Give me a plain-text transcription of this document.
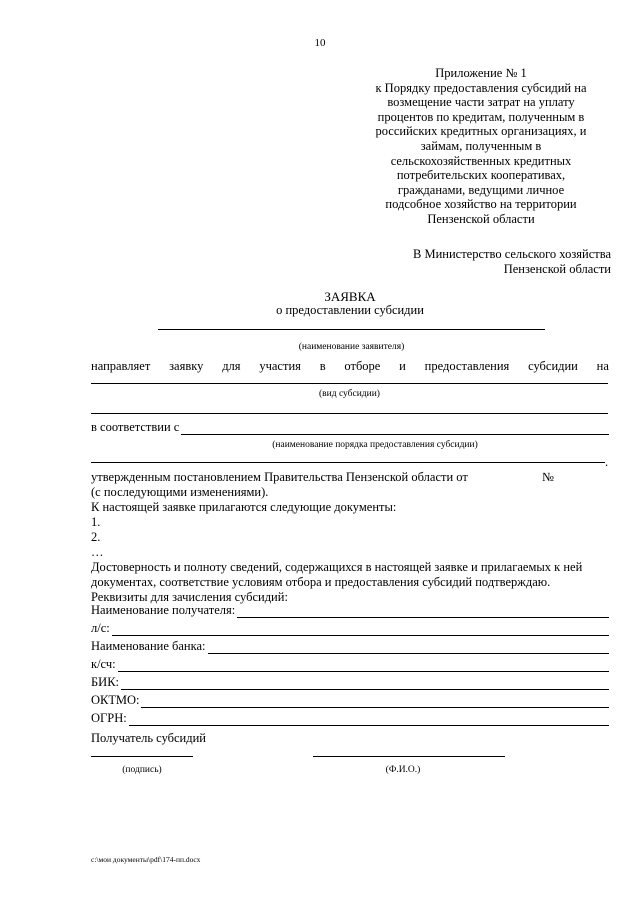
10
Приложение № 1
к Порядку предоставления субсидий на
возмещение части затрат на уплату
процентов по кредитам, полученным в
российских кредитных организациях, и
займам, полученным в
сельскохозяйственных кредитных
потребительских кооперативах,
гражданами, ведущими личное
подсобное хозяйство на территории
Пензенской области
В Министерство сельского хозяйства
Пензенской области
ЗАЯВКА
о предоставлении субсидии
(наименование заявителя)
направляет заявку для участия в отборе и предоставления субсидии на
(вид субсидии)
в соответствии с
(наименование порядка предоставления субсидии)
.
утвержденным постановлением Правительства Пензенской области от	№
(с последующими изменениями).
К настоящей заявке прилагаются следующие документы:
1.
2.
…
Достоверность и полноту сведений, содержащихся в настоящей заявке и прилагаемых к ней
документах, соответствие условиям отбора и предоставления субсидий подтверждаю.
Реквизиты для зачисления субсидий:
Наименование получателя:
л/с:
Наименование банка:
к/сч:
БИК:
ОКТМО:
ОГРН:
Получатель субсидий
(подпись)	(Ф.И.О.)
c:\мои документы\pdf\174-пп.docx
